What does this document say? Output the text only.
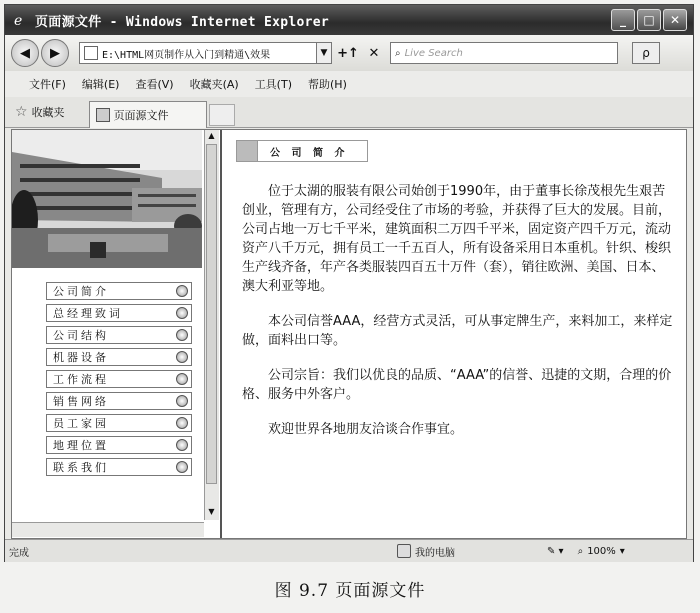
e 页面源文件 - Windows Internet Explorer	_	□	✕
◀ ▶	E:\HTML网页制作从入门到精通\效果	▼ +↑ ✕	⌕ Live Search	ρ
文件(F) 编辑(E) 查看(V) 收藏夹(A) 工具(T) 帮助(H)
☆ 收藏夹	页面源文件
公司简介
总经理致词
公司结构
机器设备
工作流程
销售网络
员工家园
地理位置
联系我们
▲
▼
公 司 简 介

位于太湖的服装有限公司始创于1990年，由于董事长徐茂根先生艰苦创业，管理有方，公司经受住了市场的考验，并获得了巨大的发展。目前，公司占地一万七千平米，建筑面积二万四千平米，固定资产四千万元，流动资产八千万元，拥有员工一千五百人，所有设备采用日本重机。针织、梭织生产线齐备，年产各类服装四百五十万件（套），销往欧洲、美国、日本、澳大利亚等地。

本公司信誉AAA，经营方式灵活，可从事定牌生产，来料加工，来样定做，面料出口等。

公司宗旨：我们以优良的品质、“AAA”的信誉、迅捷的文期，合理的价格、服务中外客户。

欢迎世界各地朋友洽谈合作事宜。

完成	我的电脑	✎ ▾ ⌕ 100% ▾
图 9.7 页面源文件
